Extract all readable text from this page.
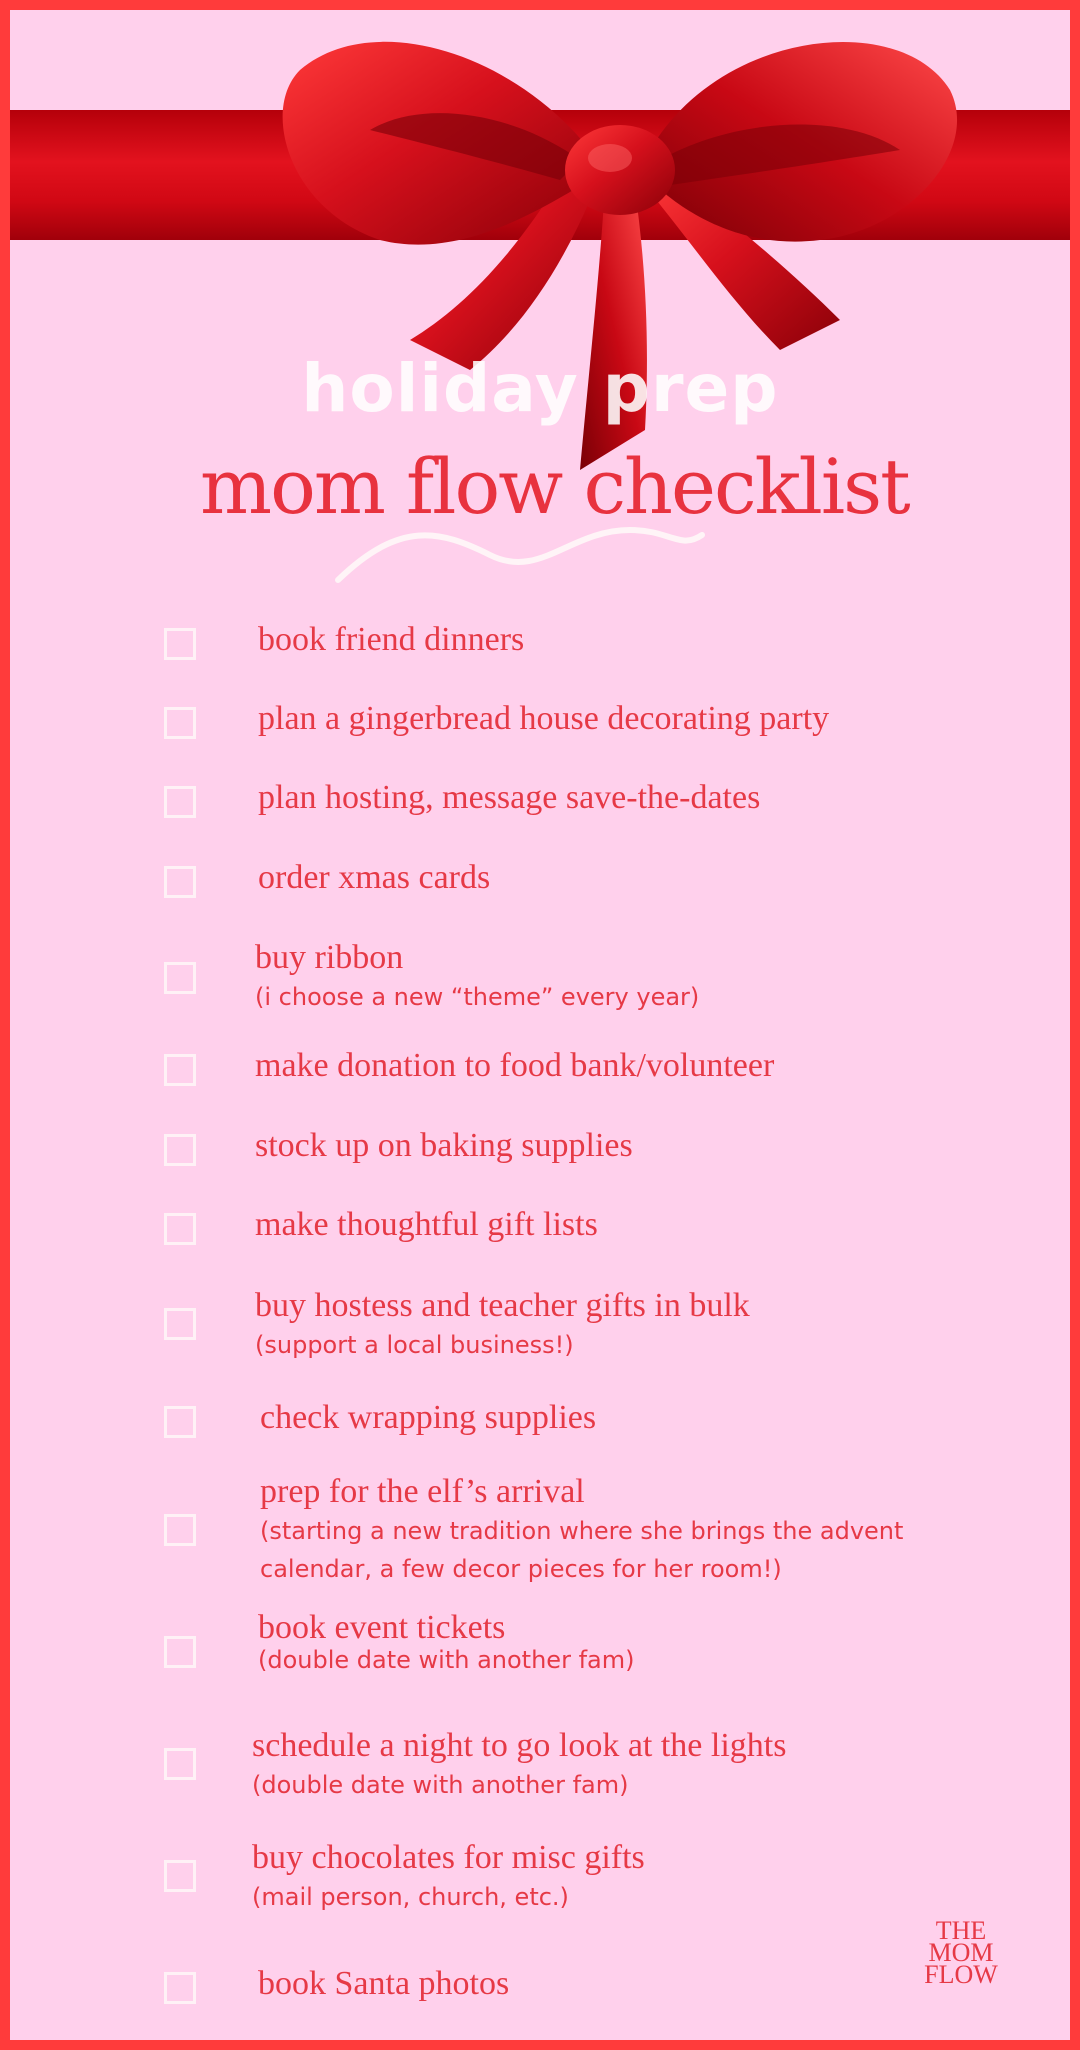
holiday prep
mom flow checklist
book friend dinners
plan a gingerbread house decorating party
plan hosting, message save-the-dates
order xmas cards
buy ribbon
(i choose a new “theme” every year)
make donation to food bank/volunteer
stock up on baking supplies
make thoughtful gift lists
buy hostess and teacher gifts in bulk
(support a local business!)
check wrapping supplies
prep for the elf’s arrival
(starting a new tradition where she brings the advent
calendar, a few decor pieces for her room!)
book event tickets
(double date with another fam)
schedule a night to go look at the lights
(double date with another fam)
buy chocolates for misc gifts
(mail person, church, etc.)
book Santa photos
THE
MOM
FLOW
